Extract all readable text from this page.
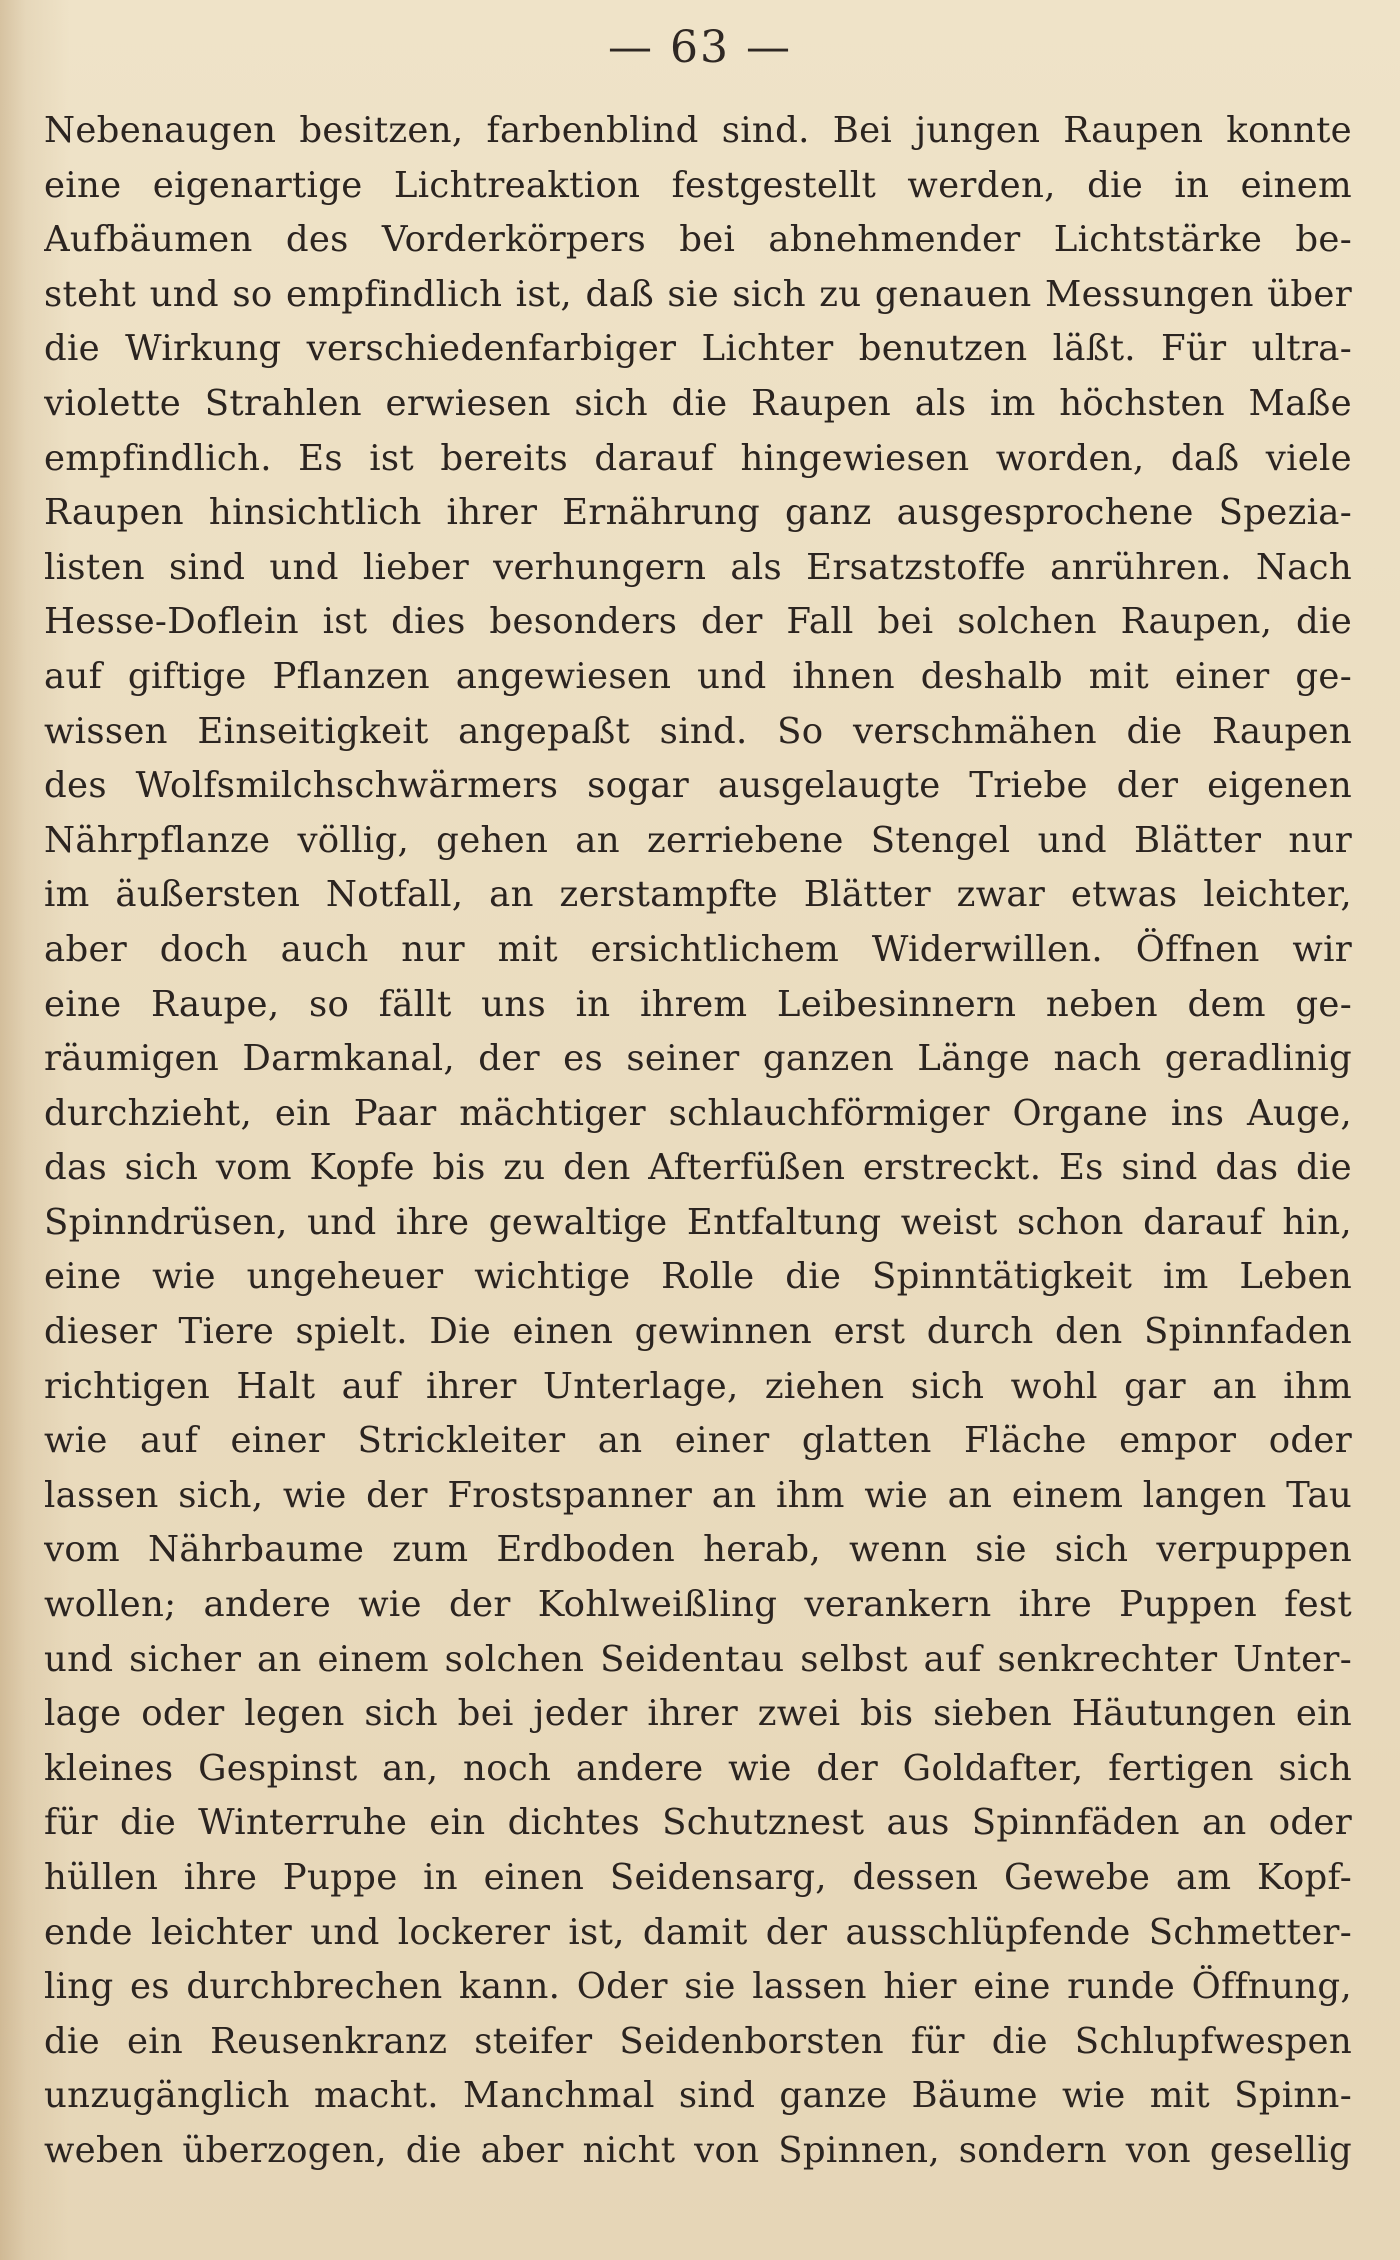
— 63 —
Nebenaugen besitzen, farbenblind sind. Bei jungen Raupen konnte
eine eigenartige Lichtreaktion festgestellt werden, die in einem
Aufbäumen des Vorderkörpers bei abnehmender Lichtstärke be-
steht und so empfindlich ist, daß sie sich zu genauen Messungen über
die Wirkung verschiedenfarbiger Lichter benutzen läßt. Für ultra-
violette Strahlen erwiesen sich die Raupen als im höchsten Maße
empfindlich. Es ist bereits darauf hingewiesen worden, daß viele
Raupen hinsichtlich ihrer Ernährung ganz ausgesprochene Spezia-
listen sind und lieber verhungern als Ersatzstoffe anrühren. Nach
Hesse-Doflein ist dies besonders der Fall bei solchen Raupen, die
auf giftige Pflanzen angewiesen und ihnen deshalb mit einer ge-
wissen Einseitigkeit angepaßt sind. So verschmähen die Raupen
des Wolfsmilchschwärmers sogar ausgelaugte Triebe der eigenen
Nährpflanze völlig, gehen an zerriebene Stengel und Blätter nur
im äußersten Notfall, an zerstampfte Blätter zwar etwas leichter,
aber doch auch nur mit ersichtlichem Widerwillen. Öffnen wir
eine Raupe, so fällt uns in ihrem Leibesinnern neben dem ge-
räumigen Darmkanal, der es seiner ganzen Länge nach geradlinig
durchzieht, ein Paar mächtiger schlauchförmiger Organe ins Auge,
das sich vom Kopfe bis zu den Afterfüßen erstreckt. Es sind das die
Spinndrüsen, und ihre gewaltige Entfaltung weist schon darauf hin,
eine wie ungeheuer wichtige Rolle die Spinntätigkeit im Leben
dieser Tiere spielt. Die einen gewinnen erst durch den Spinnfaden
richtigen Halt auf ihrer Unterlage, ziehen sich wohl gar an ihm
wie auf einer Strickleiter an einer glatten Fläche empor oder
lassen sich, wie der Frostspanner an ihm wie an einem langen Tau
vom Nährbaume zum Erdboden herab, wenn sie sich verpuppen
wollen; andere wie der Kohlweißling verankern ihre Puppen fest
und sicher an einem solchen Seidentau selbst auf senkrechter Unter-
lage oder legen sich bei jeder ihrer zwei bis sieben Häutungen ein
kleines Gespinst an, noch andere wie der Goldafter, fertigen sich
für die Winterruhe ein dichtes Schutznest aus Spinnfäden an oder
hüllen ihre Puppe in einen Seidensarg, dessen Gewebe am Kopf-
ende leichter und lockerer ist, damit der ausschlüpfende Schmetter-
ling es durchbrechen kann. Oder sie lassen hier eine runde Öffnung,
die ein Reusenkranz steifer Seidenborsten für die Schlupfwespen
unzugänglich macht. Manchmal sind ganze Bäume wie mit Spinn-
weben überzogen, die aber nicht von Spinnen, sondern von gesellig
